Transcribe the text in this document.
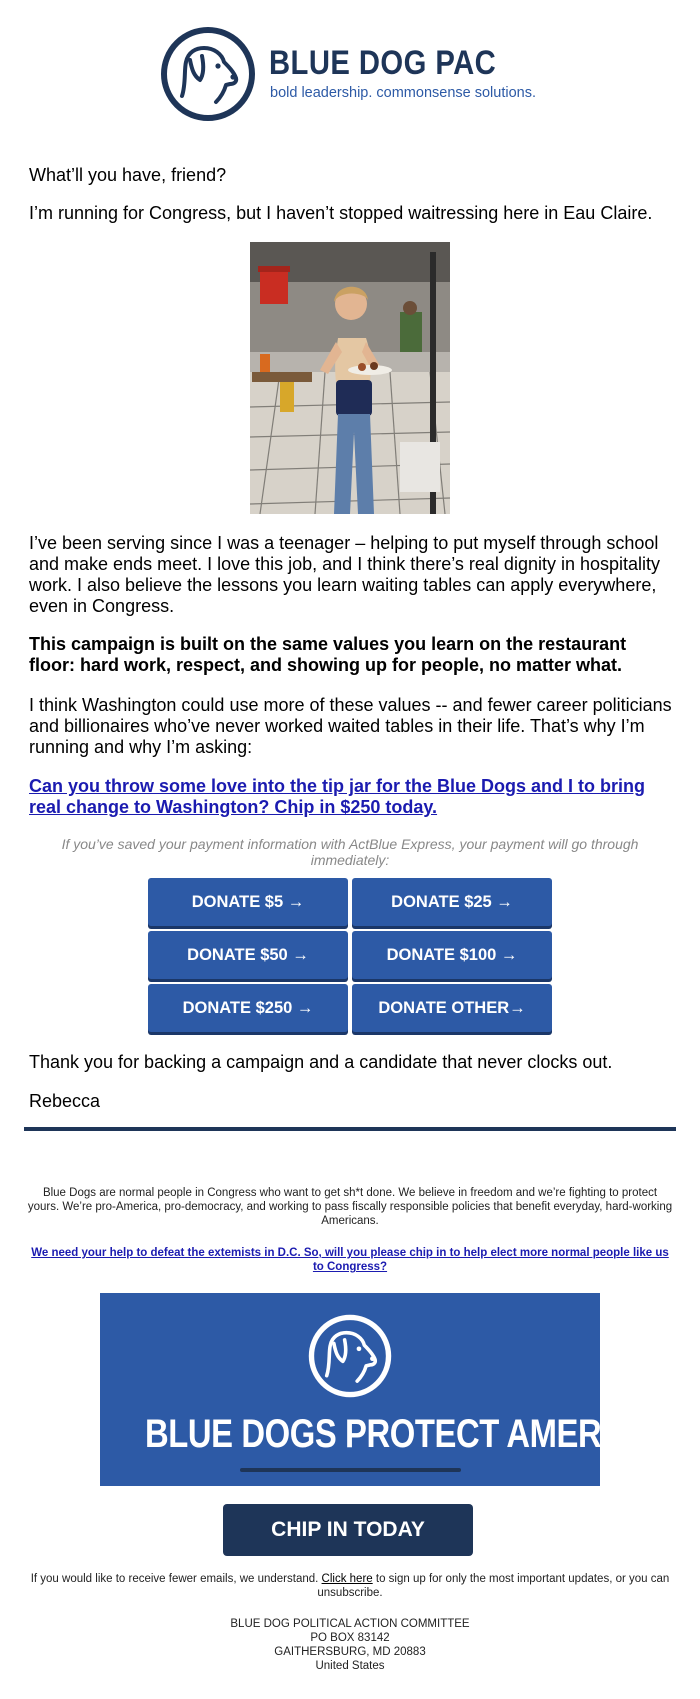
BLUE DOG PAC
bold leadership. commonsense solutions.

What’ll you have, friend?

I’m running for Congress, but I haven’t stopped waitressing here in Eau Claire.

I’ve been serving since I was a teenager – helping to put myself through school and make ends meet. I love this job, and I think there’s real dignity in hospitality work. I also believe the lessons you learn waiting tables can apply everywhere, even in Congress.

This campaign is built on the same values you learn on the restaurant floor: hard work, respect, and showing up for people, no matter what.

I think Washington could use more of these values -- and fewer career politicians and billionaires who’ve never worked waited tables in their life. That’s why I’m running and why I’m asking:

Can you throw some love into the tip jar for the Blue Dogs and I to bring real change to Washington? Chip in $250 today.

If you’ve saved your payment information with ActBlue Express, your payment will go through immediately:
DONATE $5 →	DONATE $25 →
DONATE $50 →	DONATE $100 →
DONATE $250 →	DONATE OTHER→

Thank you for backing a campaign and a candidate that never clocks out.

Rebecca

Blue Dogs are normal people in Congress who want to get sh*t done. We believe in freedom and we’re fighting to protect yours. We’re pro-America, pro-democracy, and working to pass fiscally responsible policies that benefit everyday, hard-working Americans.
We need your help to defeat the extemists in D.C. So, will you please chip in to help elect more normal people like us to Congress?
BLUE DOGS PROTECT AMERICA.
CHIP IN TODAY
If you would like to receive fewer emails, we understand. Click here to sign up for only the most important updates, or you can unsubscribe.
BLUE DOG POLITICAL ACTION COMMITTEE
PO BOX 83142
GAITHERSBURG, MD 20883
United States
